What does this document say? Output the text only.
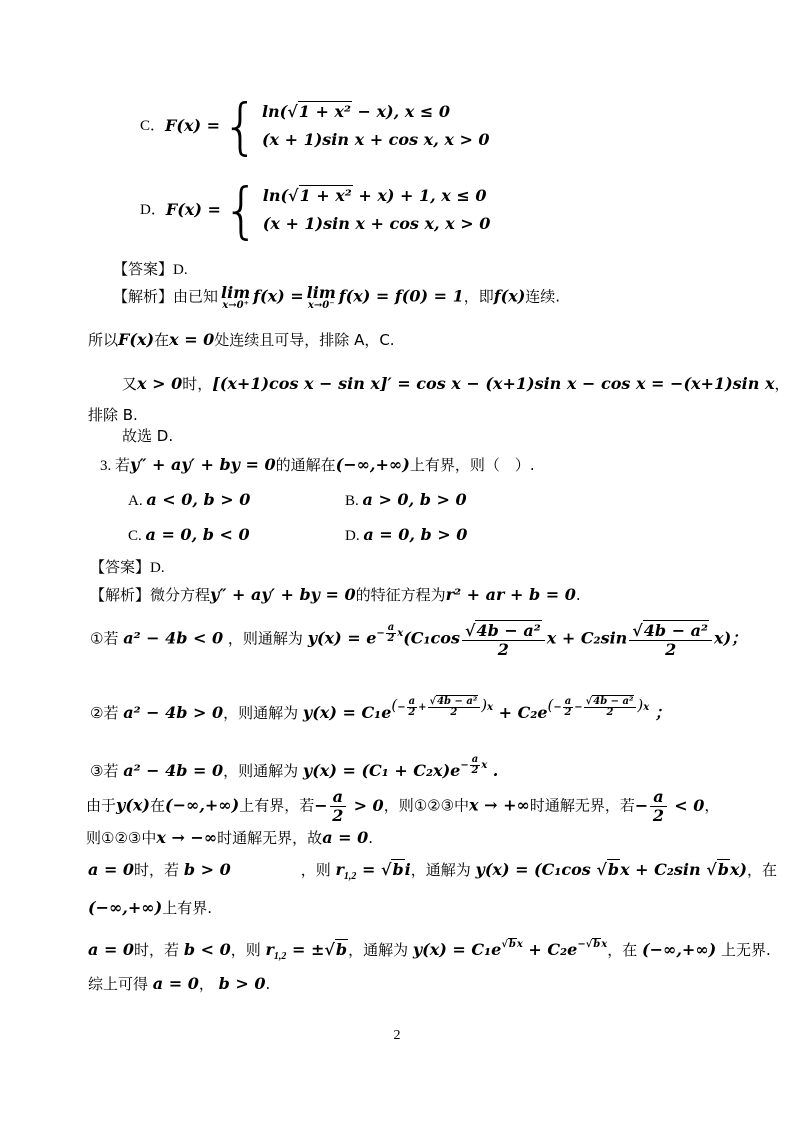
C． F(x) = { ln(√1 + x² − x), x ≤ 0
(x + 1)sin x + cos x, x > 0
D． F(x) = { ln(√1 + x² + x) + 1, x ≤ 0
(x + 1)sin x + cos x, x > 0
【答案】D.
【解析】由已知 lim
x→0⁺
f(x) = lim
x→0⁻
f(x) = f(0) = 1，即f(x)连续.
所以F(x)在x = 0处连续且可导，排除 A，C.
又x > 0时，[(x+1)cos x − sin x]′ = cos x − (x+1)sin x − cos x = −(x+1)sin x，
排除 B.
故选 D.
3. 若y″ + ay′ + by = 0的通解在(−∞,+∞)上有界，则（　）.
A. a < 0, b > 0	B. a > 0, b > 0
C. a = 0, b < 0	D. a = 0, b > 0
【答案】D.
【解析】微分方程y″ + ay′ + by = 0的特征方程为r² + ar + b = 0.
①若 a² − 4b < 0 ，则通解为 $y(x) = e^{- \frac{a}{2} x}(C_1\cos \frac{\text{√4b − a²}}{2}$ $x + C_2\sin \frac{\text{√4b − a²}}{2} x$)；
②若 a² − 4b > 0，则通解为 $y(x) = C_1e^{(- \frac{a}{2} + \frac{\text{√4b − a²}}{2} )x} + C_2e^{(- \frac{a}{2} - \frac{\text{√4b − a²}}{2} )x}$ ；
③若 a² − 4b = 0，则通解为 $y(x) = (C_1 + C_2x)e^{- \frac{a}{2} x}$ .
由于y(x)在(−∞,+∞)上有界，若− $\frac{a}{2} > 0$，则①②③中x → +∞时通解无界，若− $\frac{a}{2} < 0$，
则①②③中x → −∞时通解无界，故a = 0.
a = 0时，若 b > 0	，则 $r_{1,2} = √bi$，通解为 y(x) = (C₁cos √bx + C₂sin √bx)，在
(−∞,+∞)上有界.
a = 0时，若 b < 0，则 $r_{1,2} = \pm√b$，通解为 $y(x) = C_1e^{√bx} + C_2e^{-√bx}$，在 (−∞,+∞) 上无界.
综上可得 a = 0， b > 0.
2
